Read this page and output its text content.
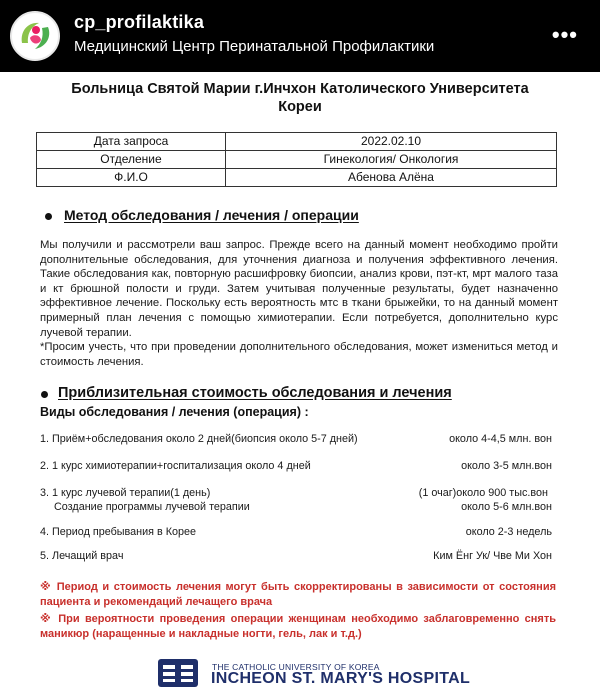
cp_profilaktika
Медицинский Центр Перинатальной Профилактики	•••
Больница Святой Марии г.Инчхон Католического Университета
Кореи
Дата запроса	2022.02.10
Отделение	Гинекология/ Онкология
Ф.И.О	Абенова Алёна
Метод обследования / лечения / операции

Мы получили и рассмотрели ваш запрос. Прежде всего на данный момент необходимо пройти дополнительные обследования, для уточнения диагноза и получения эффективного лечения. Такие обследования как, повторную расшифровку биопсии, анализ крови, пэт-кт, мрт малого таза и кт брюшной полости и груди. Затем учитывая полученные результаты, будет назначенно эффективное лечение. Поскольку есть вероятность мтс в ткани брыжейки, то на данный момент примерный план лечения с помощью химиотерапии. Если потребуется, дополнительно курс лучевой терапии.

*Просим учесть, что при проведении дополнительного обследования, может измениться метод и стоимость лечения.

Приблизительная стоимость обследования и лечения
Виды обследования / лечения (операция) :
1. Приём+обследования около 2 дней(биопсия около 5-7 дней)	около 4-4,5 млн. вон
2. 1 курс химиотерапии+госпитализация около 4 дней	около 3-5 млн.вон
3. 1 курс лучевой терапии(1 день)	(1 очаг)около 900 тыс.вон
Создание программы лучевой терапии	около 5-6 млн.вон
4. Период пребывания в Корее	около 2-3 недель
5. Лечащий врач	Ким Ёнг Ук/ Чве Ми Хон
※ Период и стоимость лечения могут быть скорректированы в зависимости от состояния пациента и рекомендаций лечащего врача
※ При вероятности проведения операции женщинам необходимо заблаговременно снять маникюр (наращенные и накладные ногти, гель, лак и т.д.)
THE CATHOLIC UNIVERSITY OF KOREA
INCHEON ST. MARY'S HOSPITAL
